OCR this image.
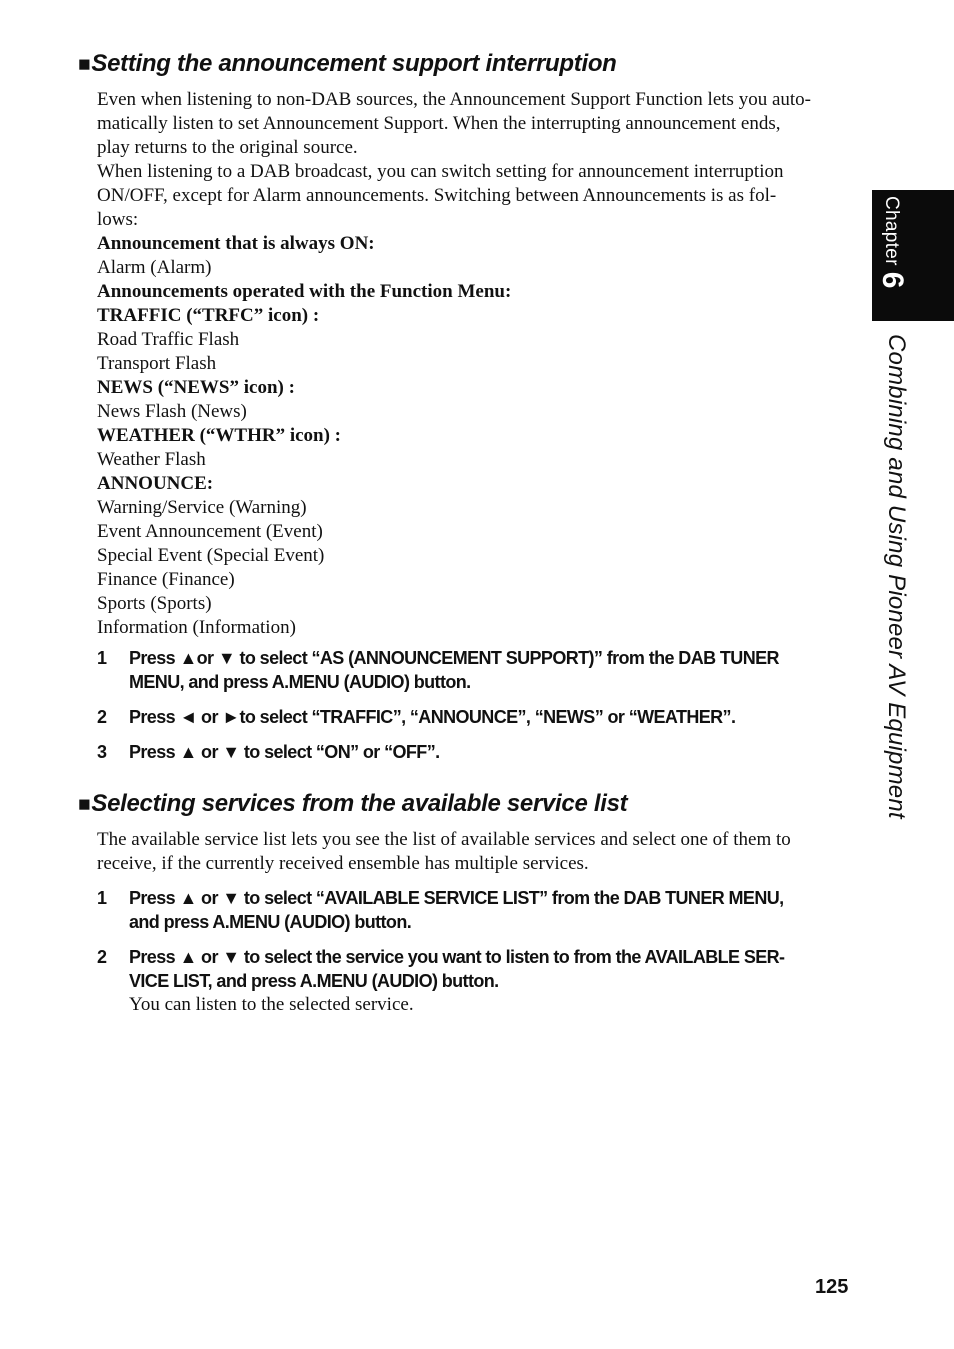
■Setting the announcement support interruption
Even when listening to non-DAB sources, the Announcement Support Function lets you auto-
matically listen to set Announcement Support. When the interrupting announcement ends,
play returns to the original source.
When listening to a DAB broadcast, you can switch setting for announcement interruption
ON/OFF, except for Alarm announcements. Switching between Announcements is as fol-
lows:
Announcement that is always ON:
Alarm (Alarm)
Announcements operated with the Function Menu:
TRAFFIC (“TRFC” icon) :
Road Traffic Flash
Transport Flash
NEWS (“NEWS” icon) :
News Flash (News)
WEATHER (“WTHR” icon) :
Weather Flash
ANNOUNCE:
Warning/Service (Warning)
Event Announcement (Event)
Special Event (Special Event)
Finance (Finance)
Sports (Sports)
Information (Information)
1 Press ▲or ▼ to select “AS (ANNOUNCEMENT SUPPORT)” from the DAB TUNER
MENU, and press A.MENU (AUDIO) button.
2 Press ◄ or ►to select “TRAFFIC”, “ANNOUNCE”, “NEWS” or “WEATHER”.
3 Press ▲ or ▼ to select “ON” or “OFF”.
■Selecting services from the available service list
The available service list lets you see the list of available services and select one of them to
receive, if the currently received ensemble has multiple services.
1 Press ▲ or ▼ to select “AVAILABLE SERVICE LIST” from the DAB TUNER MENU,
and press A.MENU (AUDIO) button.
2 Press ▲ or ▼ to select the service you want to listen to from the AVAILABLE SER-
VICE LIST, and press A.MENU (AUDIO) button.
You can listen to the selected service.
Chapter6
Combining and Using Pioneer AV Equipment
125
